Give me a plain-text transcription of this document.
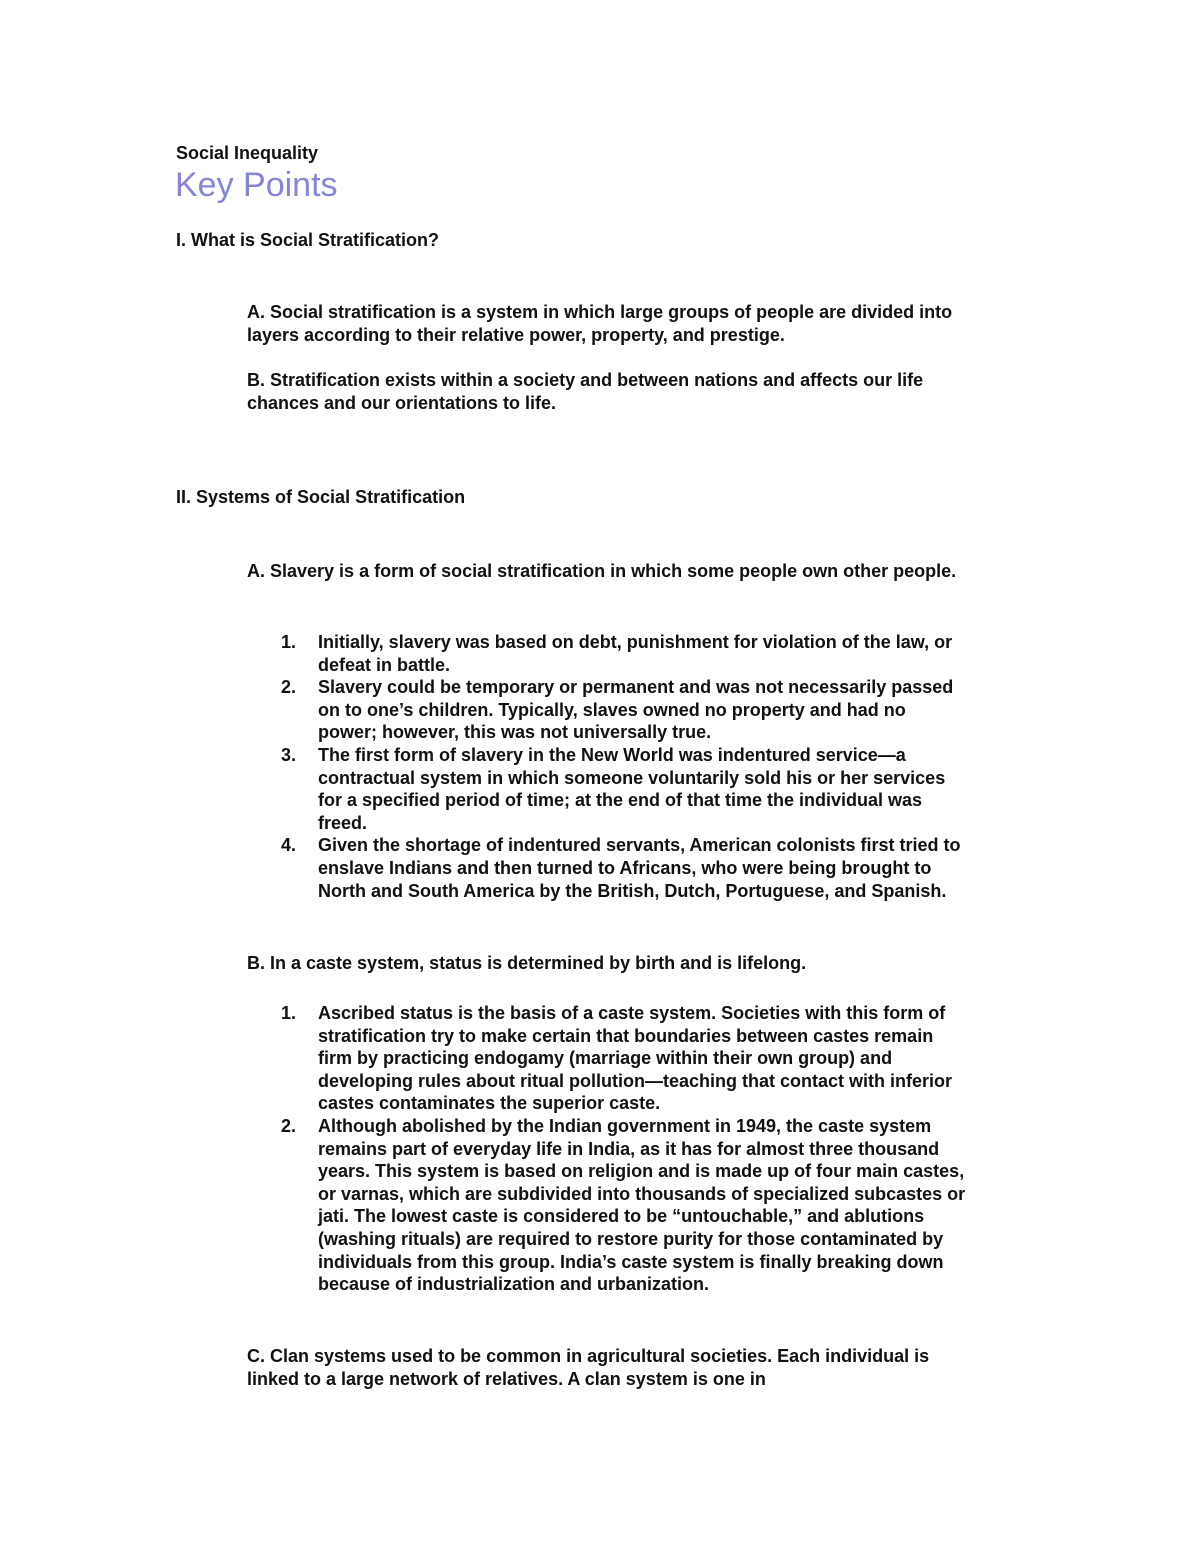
Social Inequality

Key Points
I. What is Social Stratification?

A. Social stratification is a system in which large groups of people are divided into layers according to their relative power, property, and prestige.

B. Stratification exists within a society and between nations and affects our life chances and our orientations to life.

II. Systems of Social Stratification

A. Slavery is a form of social stratification in which some people own other people.

1. Initially, slavery was based on debt, punishment for violation of the law, or defeat in battle.
2. Slavery could be temporary or permanent and was not necessarily passed on to one’s children. Typically, slaves owned no property and had no power; however, this was not universally true.
3. The first form of slavery in the New World was indentured service—a contractual system in which someone voluntarily sold his or her services for a specified period of time; at the end of that time the individual was freed.
4. Given the shortage of indentured servants, American colonists first tried to enslave Indians and then turned to Africans, who were being brought to North and South America by the British, Dutch, Portuguese, and Spanish.

B. In a caste system, status is determined by birth and is lifelong.

1. Ascribed status is the basis of a caste system. Societies with this form of stratification try to make certain that boundaries between castes remain firm by practicing endogamy (marriage within their own group) and developing rules about ritual pollution—teaching that contact with inferior castes contaminates the superior caste.
2. Although abolished by the Indian government in 1949, the caste system remains part of everyday life in India, as it has for almost three thousand years. This system is based on religion and is made up of four main castes, or varnas, which are subdivided into thousands of specialized subcastes or jati. The lowest caste is considered to be “untouchable,” and ablutions (washing rituals) are required to restore purity for those contaminated by individuals from this group. India’s caste system is finally breaking down because of industrialization and urbanization.

C. Clan systems used to be common in agricultural societies. Each individual is linked to a large network of relatives. A clan system is one in
